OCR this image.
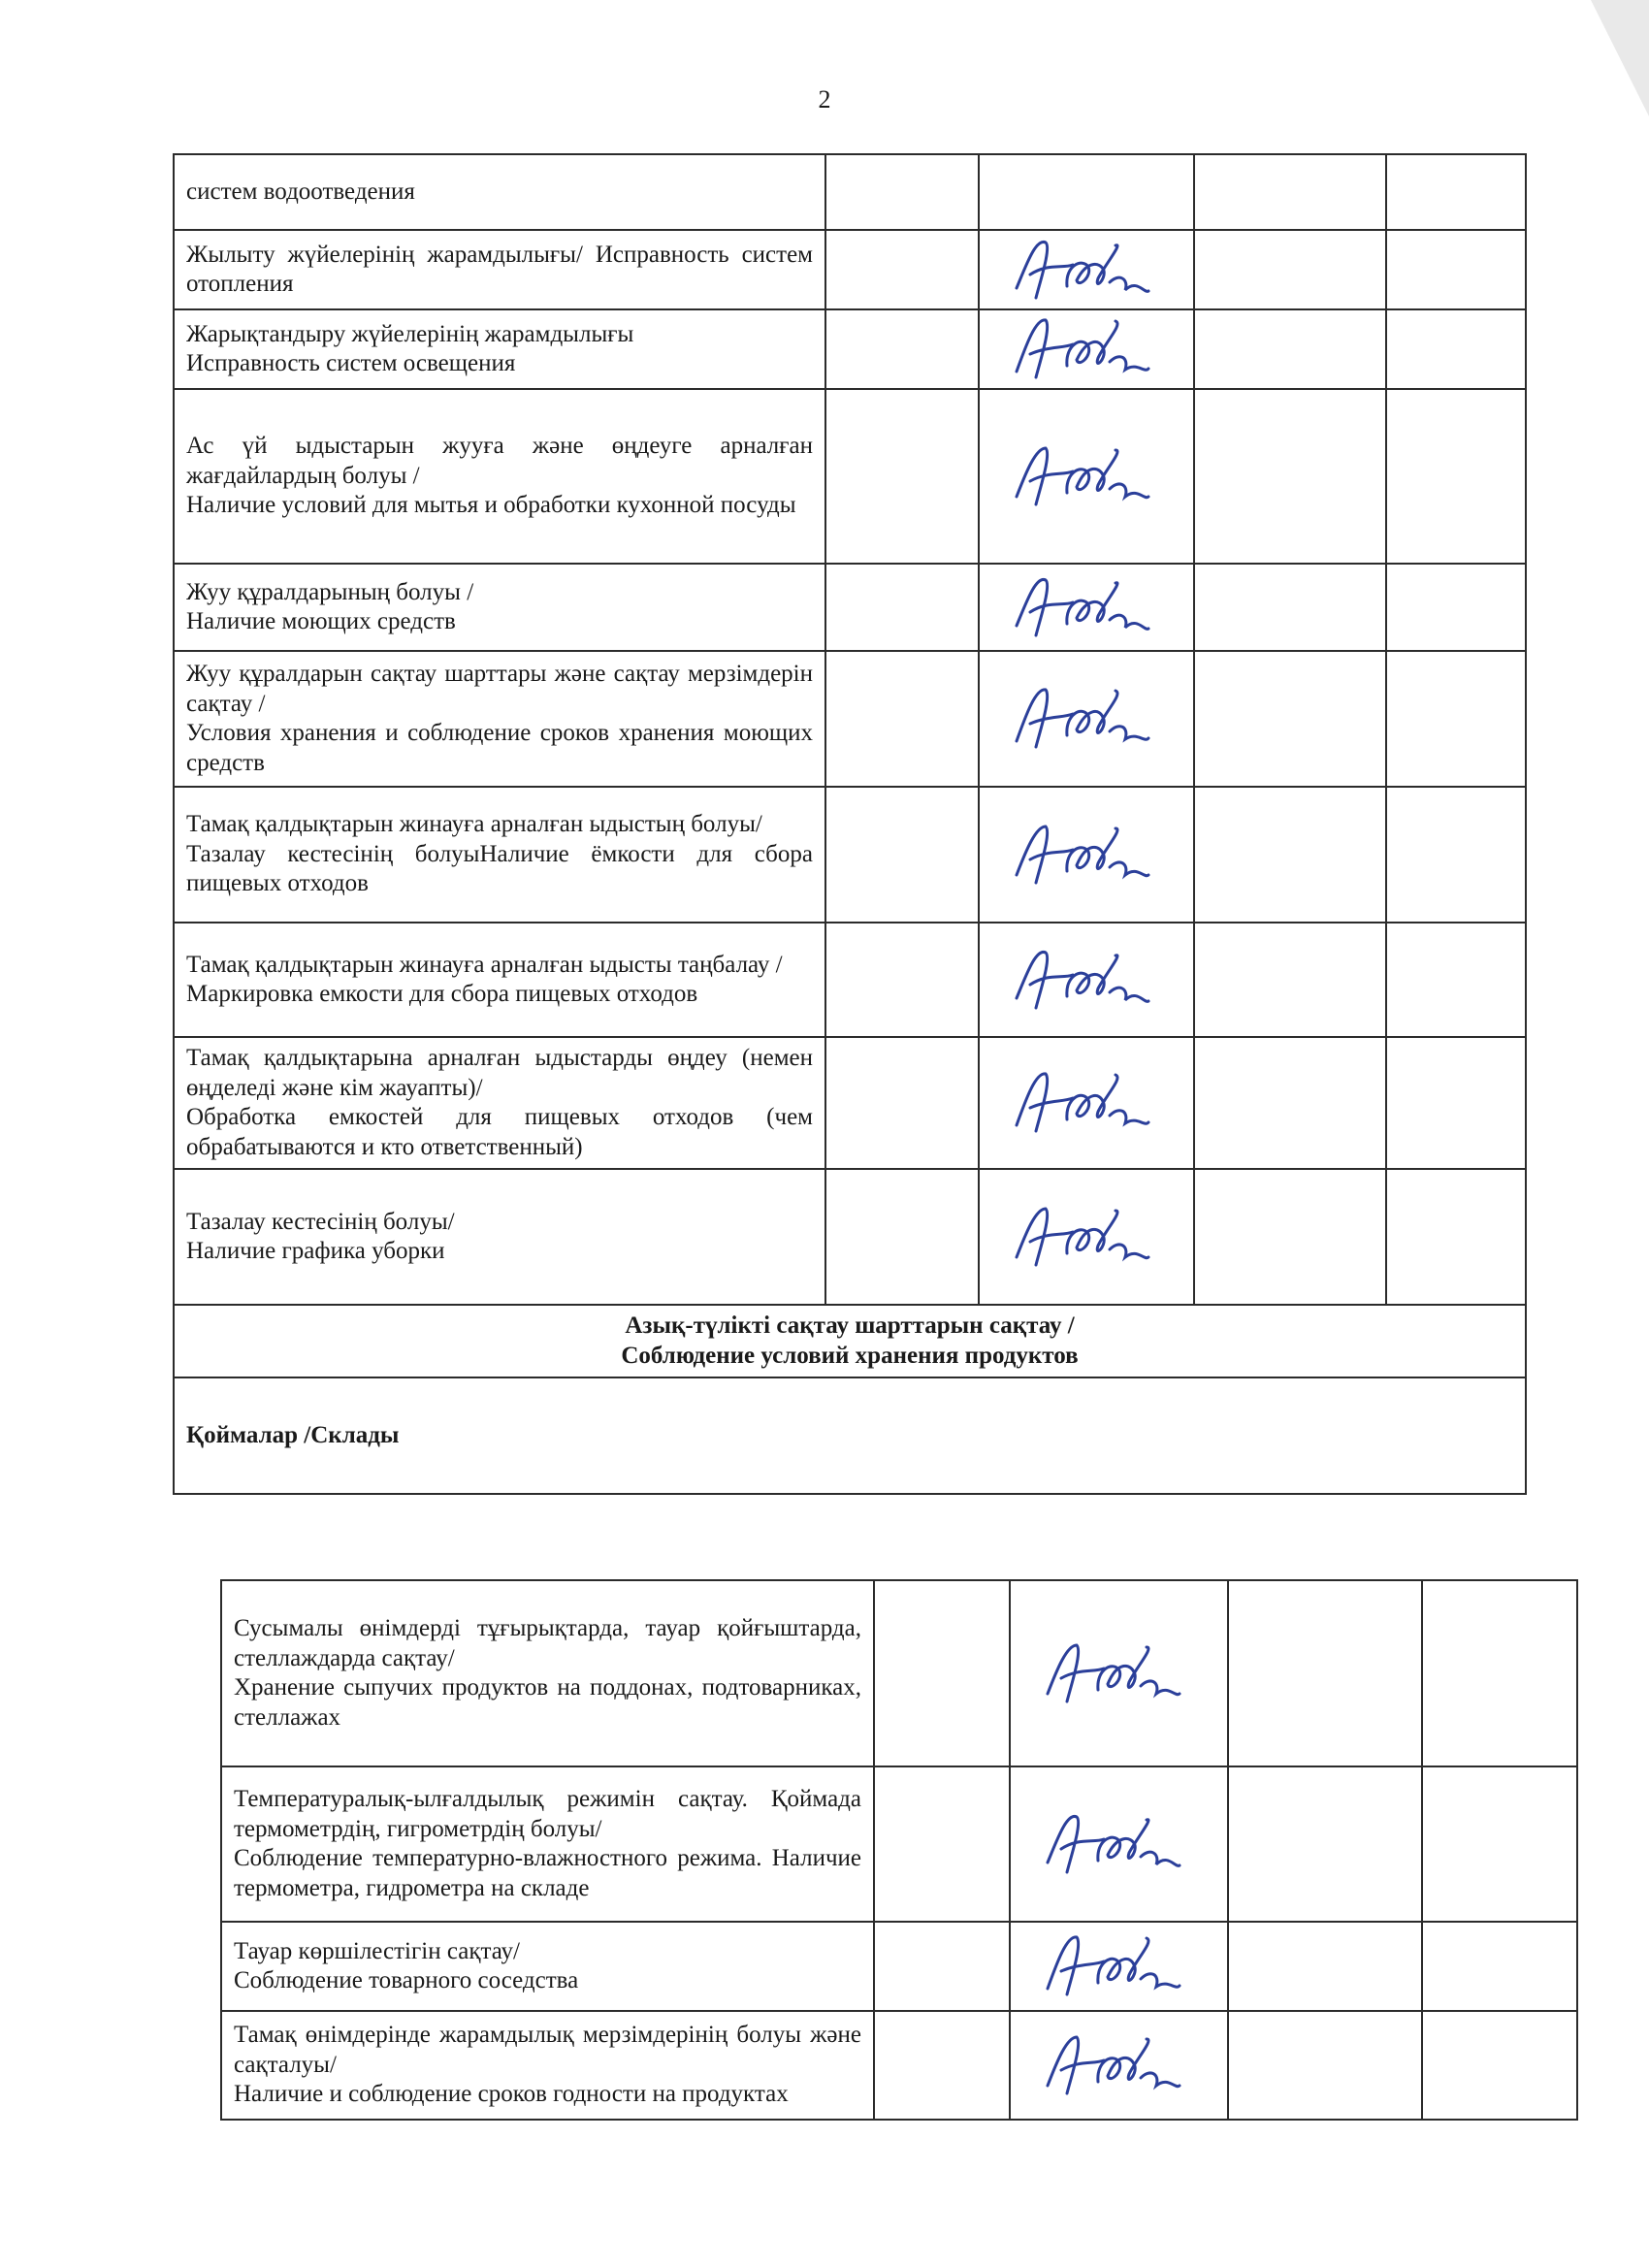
2
систем водоотведения				

Жылыту жүйелерінің жарамдылығы/ Исправность систем отопления

Жарықтандыру жүйелерінің жарамдылығы
Исправность систем освещения

Ас үй ыдыстарын жууға және өңдеуге арналған жағдайлардың болуы /
Наличие условий для мытья и обработки кухонной посуды

Жуу құралдарының болуы /
Наличие моющих средств

Жуу құралдарын сақтау шарттары және сақтау мерзімдерін сақтау /
Условия хранения и соблюдение сроков хранения моющих средств

Тамақ қалдықтарын жинауға арналған ыдыстың болуы/
Тазалау кестесінің болуыНаличие ёмкости для сбора пищевых отходов

Тамақ қалдықтарын жинауға арналған ыдысты таңбалау /
Маркировка емкости для сбора пищевых отходов

Тамақ қалдықтарына арналған ыдыстарды өңдеу (немен өңделеді және кім жауапты)/
Обработка емкостей для пищевых отходов (чем обрабатываются и кто ответственный)

Тазалау кестесінің болуы/
Наличие графика уборки

Азық-түлікті сақтау шарттарын сақтау /
Соблюдение условий хранения продуктов				

Қоймалар /Склады				
Сусымалы өнімдерді тұғырықтарда, тауар қойғыштарда, стеллаждарда сақтау/
Хранение сыпучих продуктов на поддонах, подтоварниках, стеллажах

Температуралық-ылғалдылық режимін сақтау. Қоймада термометрдің, гигрометрдің болуы/
Соблюдение температурно-влажностного режима. Наличие термометра, гидрометра на складе

Тауар көршілестігін сақтау/
Соблюдение товарного соседства

Тамақ өнімдерінде жарамдылық мерзімдерінің болуы және сақталуы/
Наличие и соблюдение сроков годности на продуктах
